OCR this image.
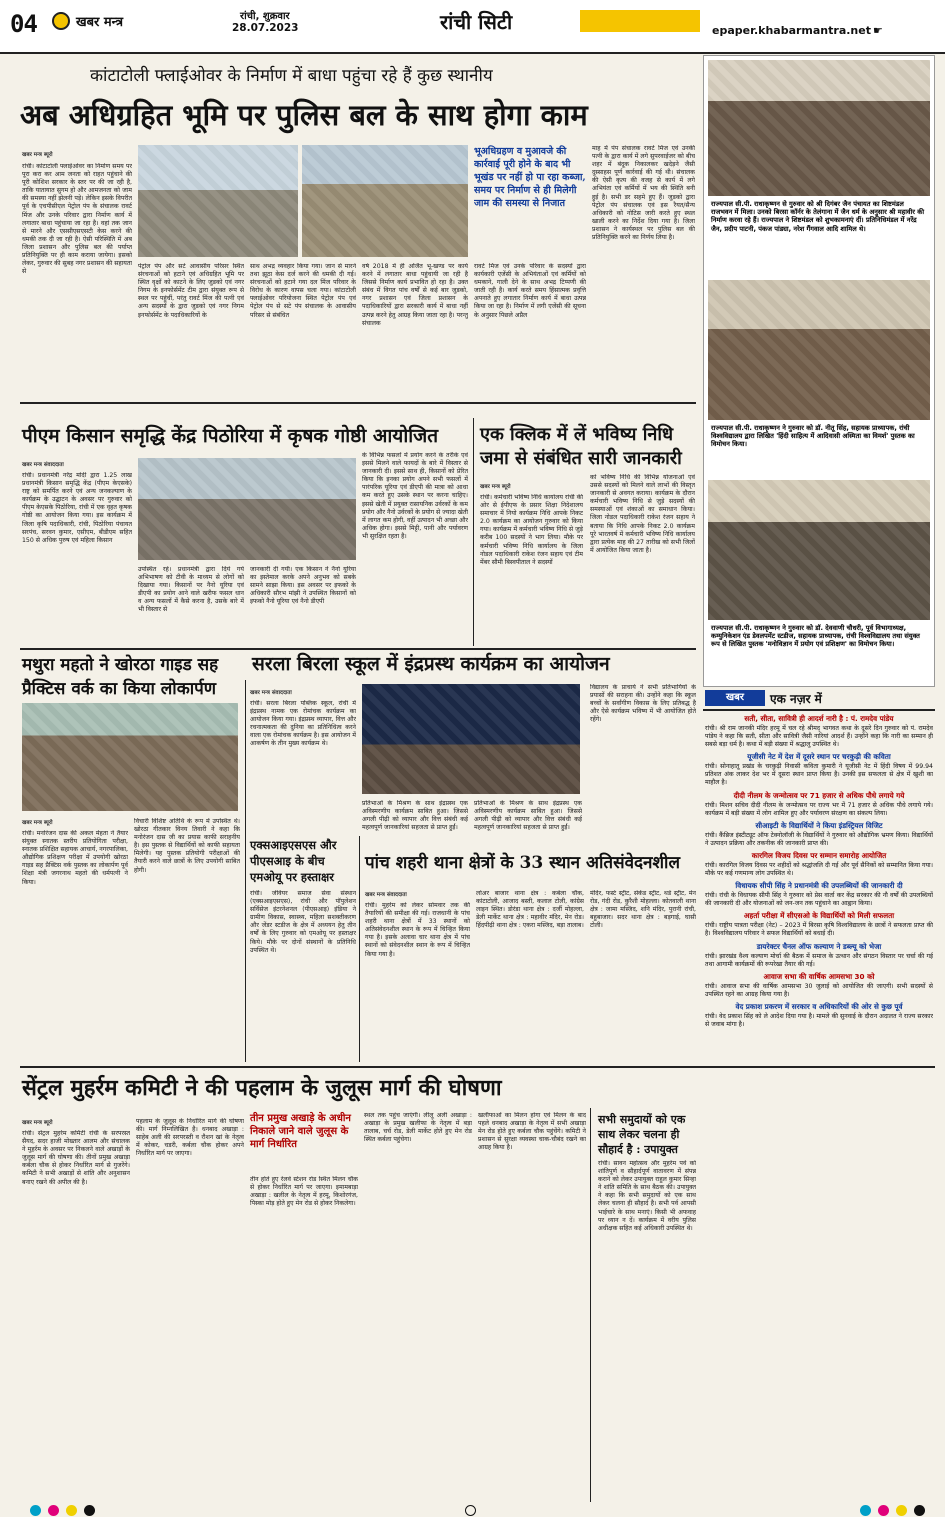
04	खबर मन्त्र	रांची, शुक्रवार
28.07.2023	रांची सिटी	epaper.khabarmantra.net ☛
कांटाटोली फ्लाईओवर के निर्माण में बाधा पहुंचा रहे हैं कुछ स्थानीय
अब अधिग्रहित भूमि पर पुलिस बल के साथ होगा काम
खबर मन्त्र ब्यूरो
रांची। कांटाटोली फ्लाईओवर का निर्माण समय पर पूरा करा कर आम जनता को राहत पहुंचाने की पूरी कोशिश सरकार के स्तर पर की जा रही है, ताकि यातायात सुगम हो और आमजनता को जाम की समस्या नहीं झेलनी पड़े। लेकिन इसके विपरीत पूर्व के एचपीसीएल पेट्रोल पंप के संचालक रावर्ट मिंज और उनके परिवार द्वारा निर्माण कार्य में लगातार बाधा पहुंचाया जा रहा है। वहां तक जान से मारने और एससीएसएसटी केस करने की धमकी तक दी जा रही है। ऐसी परिस्थिति में अब जिला प्रशासन और पुलिस बल की पर्याप्त प्रतिनियुक्ति पर ही काम कराया जायेगा। इसको लेकर, गुरुवार की सुबह नगर प्रशासन की सहायता से
पेट्रोल पंप और सटे आवासीय परिसर स्थित संरचनाओं को हटाने एवं अधिग्रहित भूमि पर स्थित वृक्षों को काटने के लिए जुडको एवं नगर निगम के इनफोर्समेंट टीम द्वारा संयुक्त रूप से स्थल पर पहुंचीं, परंतु रावर्ट मिंज की पत्नी एवं अन्य सदस्यों के द्वारा जुडको एवं नगर निगम इनफोर्समेंट के पदाधिकारियों के
साथ अभद्र व्यवहार किया गया। जान से मारने तथा झूठा केस दर्ज करने की धमकी दी गई। संरचनाओं को हटाने गया दल मिंज परिवार के विरोध के कारण वापस चला गया। कांटाटोली फ्लाईओवर परियोजना स्थित पेट्रोल पंप एवं पेट्रोल पंप से सटे पंप संचालक के आवासीय परिसर से संबंधित
वर्ष 2018 में ही अर्जित भू-खण्ड पर कार्य करने में लगातार बाधा पहुंचायी जा रही है जिससे निर्माण कार्य प्रभावित हो रहा है। उक्त संबंध में विगत पांच वर्षों से कई बार जुडको, नगर प्रशासन एवं जिला प्रशासन के पदाधिकारियों द्वारा सरकारी कार्य में बाधा नहीं उत्पन्न करने हेतु आग्रह किया जाता रहा है। परन्तु संचालक
भूअधिग्रहण व मुआवजे की कार्रवाई पूरी होने के बाद भी भूखंड पर नहीं हो पा रहा कब्जा, समय पर निर्माण से ही मिलेगी जाम की समस्या से निजात
रावर्ट मिंज एवं उनके परिवार के सदस्यों द्वारा कार्यकारी एजेंसी के अभियंताओं एवं कर्मियों को धमकाने, गाली देने के साथ अभद्र टिप्पणी की जाती रही है। कार्य करते समय हिंसात्मक प्रवृत्ति अपनाते हुए लगातार निर्माण कार्य में बाधा उत्पन्न किया जा रहा है। निर्माण में लगी एजेंसी की सूचना के अनुसार पिछले अप्रैल
माह में पंप संचालक रावर्ट मिंज एवं उनकी पत्नी के द्वारा कार्य में लगे सुपरवाईजर को बीच शहर में बंदूक निकालकर खदेड़ने जैसी दुस्साहस पूर्ण कार्रवाई की गई थी। संचालक की ऐसी कृत्य की वजह से कार्य में लगे अभियंता एवं कर्मियों में भय की स्थिति बनी हुई है। सभी डर सहमे हुए हैं। जुडको द्वारा पेट्रोल पंप संचालक एवं इस रैयत/सैन्य अधिकारी को नोटिस जारी करते हुए स्थल खाली करने का निर्देश दिया गया है। जिला प्रशासन ने कार्यस्थल पर पुलिस बल की प्रतिनियुक्ति करने का निर्णय लिया है।
राज्यपाल सी.पी. राधाकृष्णन से गुरुवार को श्री दिगंबर जैन पंचायत का शिष्टमंडल राजभवन में मिला। उनको बिरसा कॉर्नर के तेलंगाना में जैन धर्म के अनुसार श्री महावीर की निर्माण करवा रहे हैं। राज्यपाल ने शिष्टमंडल को शुभकामनाएं दीं। प्रतिनिधिमंडल में नरेंद्र जैन, प्रदीप पाटनी, पंकज पांड्या, नरेश गैंगवाल आदि शामिल थे।
राज्यपाल सी.पी. राधाकृष्णन ने गुरुवार को डॉ. नीतू सिंह, सहायक प्राध्यापक, रांची विश्वविद्यालय द्वारा लिखित 'हिंदी साहित्य में आदिवासी अस्मिता का विमर्श' पुस्तक का विमोचन किया।
राज्यपाल सी.पी. राधाकृष्णन ने गुरुवार को डॉ. देववाणी चौधरी, पूर्व विभागाध्यक्ष, कम्युनिकेशन एंड डेवलपमेंट स्टडीज, सहायक प्राध्यापक, रांची विश्वविद्यालय तथा संयुक्त रूप से लिखित पुस्तक 'मनोविज्ञान में प्रयोग एवं प्रशिक्षण' का विमोचन किया।
पीएम किसान समृद्धि केंद्र पिठोरिया में कृषक गोष्ठी आयोजित
खबर मन्त्र संवाददाता
रांची। प्रधानमंत्री नरेंद्र मोदी द्वारा 1.25 लाख प्रधानमंत्री किसान समृद्धि केंद्र (पीएम केएसके) राष्ट्र को समर्पित करने एवं अन्य जनकल्याण के कार्यक्रम के उद्घाटन के अवसर पर गुरुवार को पीएम केएसके पिठोरिया, रांची में एक वृहत कृषक गोष्ठी का आयोजन किया गया। इस कार्यक्रम में जिला कृषि पदाधिकारी, रांची, पिठोरिया पंचायत सरपंच, सरवन कुमार, एसीएम, बीडीएम सहित 150 से अधिक पुरुष एवं महिला किसान
उपस्थित रहे। प्रधानमंत्री द्वारा दिये गये अभिभाषण को टीवी के माध्यम से लोगों को दिखाया गया। किसानों पर नैनो यूरिया एवं डीएपी का प्रयोग आने वाले खरीफ फसल धान व अन्य फसलों में कैसे करना है, उसके बारे में भी विस्तार से
जानकारी दी गयी। एक किसान ने नैनो यूरिया का इस्तेमाल करके अपने अनुभव को सबके सामने साझा किया। इस अवसर पर इफको के अधिकारी सौरभ मांझी ने उपस्थित किसानों को इफको नैनो यूरिया एवं नैनो डीएपी
के विभिन्न फसलों में प्रयोग करने के तरीके एवं इससे मिलने वाले फायदों के बारे में विस्तार से जानकारी दी। इससे साथ ही, किसानों को प्रेरित किया कि इनका प्रयोग अपने सभी फसलों में पारंपरिक यूरिया एवं डीएपी की मात्रा को आधा कम करते हुए उसके स्थान पर करना चाहिए। इससे खेती में प्रयुक्त रासायनिक उर्वरकों के कम प्रयोग और नैनो उर्वरकों के प्रयोग से ज्यादा खेती में लागत कम होगी, वहीं उत्पादन भी अच्छा और अधिक होगा। इससे मिट्टी, पानी और पर्यावरण भी सुरक्षित रहता है।
एक क्लिक में लें भविष्य निधि
जमा से संबंधित सारी जानकारी
खबर मन्त्र ब्यूरो
रांची। कर्मचारी भविष्य निधि कार्यालय रांची की ओर से ईपीएफ के प्रसार शिक्षा निदेशालय समाचार में नियो कार्यक्रम निधि आपके निकट 2.0 कार्यक्रम का आयोजन गुरुवार को किया गया। कार्यक्रम में कर्मचारी भविष्य निधि से जुड़े करीब 100 सदस्यों ने भाग लिया। मौके पर कर्मचारी भविष्य निधि कार्यालय के जिला नोडल पदाधिकारी राकेश रंजन सहाय एवं टीम मेंबर सौमी बिस्वपीताल ने सदस्यों
को भविष्य निधि की विभिन्न योजनाओं एवं उससे सदस्यों को मिलने वाले लाभों की विस्तृत जानकारी से अवगत कराया। कार्यक्रम के दौरान कर्मचारी भविष्य निधि से जुड़े सदस्यों की समस्याओं एवं शंकाओं का समाधान किया। जिला नोडल पदाधिकारी राकेश रंजन सहाय ने बताया कि निधि आपके निकट 2.0 कार्यक्रम पूरे भारतवर्ष में कर्मचारी भविष्य निधि कार्यालय द्वारा प्रत्येक माह की 27 तारीख को सभी जिलों में आयोजित किया जाता है।
मथुरा महतो ने खोरठा गाइड सह
प्रैक्टिस वर्क का किया लोकार्पण
खबर मन्त्र ब्यूरो
रांची। मनोरंजन दास की अकल मेहता ने तैयार संयुक्त स्नातक स्तरीय प्रतियोगिता परीक्षा, स्नातक प्रशिक्षित सहायक आचार्य, नगरपालिका, औद्योगिक प्रशिक्षण परीक्षा में उपयोगी खोरठा गाइड सह प्रैक्टिस वर्क पुस्तक का लोकार्पण पूर्व शिक्षा मंत्री जगरनाथ महतो की धर्मपत्नी ने किया।
विचारी विशिष्ट अतिथि के रूप में उपस्थित थे। खोरठा गीतकार विनय तिवारी ने कहा कि मनोरंजन दास जी का प्रयास काफी सराहनीय है। इस पुस्तक से विद्यार्थियों को काफी सहायता मिलेगी। यह पुस्तक प्रतियोगी परीक्षाओं की तैयारी करने वाले छात्रों के लिए उपयोगी साबित होगी।
सरला बिरला स्कूल में इंद्रप्रस्थ कार्यक्रम का आयोजन
खबर मन्त्र संवाददाता
रांची। सरला बिरला पब्लिक स्कूल, रांची में इंद्रप्रस्थ नामक एक रोमांचक कार्यक्रम का आयोजन किया गया। इंद्रप्रस्थ व्यापार, वित्त और रचनात्मकता की दुनिया का प्रतिनिधित्व करने वाला एक रोमांचक कार्यक्रम है। इस आयोजन में आकर्षण के तीन मुख्य कार्यक्रम थे।
प्रतिभाओं के मिश्रण के साथ इंद्रप्रस्थ एक अविस्मरणीय कार्यक्रम साबित हुआ। जिससे अगली पीढ़ी को व्यापार और वित्त संबंधी कई महत्वपूर्ण जानकारियां सहजता से प्राप्त हुईं।
विद्यालय के प्राचार्य ने सभी प्रतिभागियों के प्रयासों की सराहना की। उन्होंने कहा कि स्कूल बच्चों के सर्वांगीण विकास के लिए प्रतिबद्ध है और ऐसे कार्यक्रम भविष्य में भी आयोजित होते रहेंगे।
प्रतिभाओं के मिश्रण के साथ इंद्रप्रस्थ एक अविस्मरणीय कार्यक्रम साबित हुआ। जिससे अगली पीढ़ी को व्यापार और वित्त संबंधी कई महत्वपूर्ण जानकारियां सहजता से प्राप्त हुईं।
एक्सआइएसएस और
पीएसआइ के बीच
एमओयू पर हस्ताक्षर
रांची। जेवियर समाज सेवा संस्थान (एक्सआइएसएस), रांची और पॉपुलेशन सर्विसेज इंटरनेशनल (पीएसआइ) इंडिया ने ग्रामीण विकास, स्वास्थ्य, महिला सशक्तीकरण और जेंडर स्टडीज के क्षेत्र में अध्ययन हेतु तीन वर्षों के लिए गुरुवार को एमओयू पर हस्ताक्षर किये। मौके पर दोनों संस्थानों के प्रतिनिधि उपस्थित थे।
पांच शहरी थाना क्षेत्रों के 33 स्थान अतिसंवेदनशील
खबर मन्त्र संवाददाता
रांची। मुहर्रम को लेकर सोमवार तक की तैयारियों की समीक्षा की गई। राजधानी के पांच शहरी थाना क्षेत्रों में 33 स्थानों को अतिसंवेदनशील स्थान के रूप में चिन्हित किया गया है। इसके अलावा चार थाना क्षेत्र में पांच स्थानों को संवेदनशील स्थान के रूप में चिन्हित किया गया है।
लोअर बाजार थाना क्षेत्र : कर्बला चौक, कांटाटोली, आजाद बस्ती, कलाल टोली, कांग्रेस लाइन स्थित। डोरंडा थाना क्षेत्र : दर्जी मोहल्ला, डेली मार्केट थाना क्षेत्र : महावीर मंदिर, मेन रोड। हिंदपीढ़ी थाना क्षेत्र : एकरा मस्जिद, बड़ा तालाब।
मंदिर, फर्स्ट स्ट्रीट, सेकेंड स्ट्रीट, थर्ड स्ट्रीट, मेन रोड, गंदी रोड, कुरैशी मोहल्ला। कोतवाली थाना क्षेत्र : जामा मस्जिद, शनि मंदिर, पुरानी रांची, बहुबाजार। सदर थाना क्षेत्र : बड़गाई, घासी टोली।
खबर	एक नज़र में
सती, सीता, सावित्री ही आदर्श नारी है : पं. रामदेव पांडेय
रांची। श्री राम जानकी मंदिर हरमू में चल रहे श्रीमद् भागवत कथा के दूसरे दिन गुरुवार को पं. रामदेव पांडेय ने कहा कि सती, सीता और सावित्री जैसी नारियां आदर्श हैं। उन्होंने कहा कि नारी का सम्मान ही सबसे बड़ा धर्म है। कथा में बड़ी संख्या में श्रद्धालु उपस्थित थे।
यूजीसी नेट में देश में दूसरे स्थान पर चरकुढ़ी की कविता
रांची। सोनाहातू प्रखंड के चरकुढ़ी निवासी कविता कुमारी ने यूजीसी नेट में हिंदी विषय में 99.94 प्रतिशत अंक लाकर देश भर में दूसरा स्थान प्राप्त किया है। उनकी इस सफलता से क्षेत्र में खुशी का माहौल है।
दीदी नीलम के जन्मोत्सव पर 71 हजार से अधिक पौधे लगाये गये
रांची। मिशन सचिव दीदी नीलम के जन्मोत्सव पर राज्य भर में 71 हजार से अधिक पौधे लगाये गये। कार्यक्रम में बड़ी संख्या में लोग शामिल हुए और पर्यावरण संरक्षण का संकल्प लिया।
सीआइटी के विद्यार्थियों ने किया इंडस्ट्रियल विजिट
रांची। कैंब्रिज इंस्टीट्यूट ऑफ टेक्नोलॉजी के विद्यार्थियों ने गुरुवार को औद्योगिक भ्रमण किया। विद्यार्थियों ने उत्पादन प्रक्रिया और तकनीक की जानकारी प्राप्त की।
कारगिल विजय दिवस पर सम्मान समारोह आयोजित
रांची। कारगिल विजय दिवस पर शहीदों को श्रद्धांजलि दी गई और पूर्व सैनिकों को सम्मानित किया गया। मौके पर कई गणमान्य लोग उपस्थित थे।
विधायक सीपी सिंह ने प्रधानमंत्री की उपलब्धियों की जानकारी दी
रांची। रांची के विधायक सीपी सिंह ने गुरुवार को प्रेस वार्ता कर केंद्र सरकार की नौ वर्षों की उपलब्धियों की जानकारी दी और योजनाओं को जन-जन तक पहुंचाने का आह्वान किया।
अहर्ता परीक्षा में सीएसओ के विद्यार्थियों को मिली सफलता
रांची। राष्ट्रीय पात्रता परीक्षा (नेट) – 2023 में बिरसा कृषि विश्वविद्यालय के छात्रों ने सफलता प्राप्त की है। विश्वविद्यालय परिवार ने सफल विद्यार्थियों को बधाई दी।
डायरेक्टर चैनल ऑफ कल्याण ने डब्ल्यू को भेजा
रांची। झारखंड वैश्य कल्याण मोर्चा की बैठक में समाज के उत्थान और संगठन विस्तार पर चर्चा की गई तथा आगामी कार्यक्रमों की रूपरेखा तैयार की गई।
आवाज सभा की वार्षिक आमसभा 30 को
रांची। आवाज सभा की वार्षिक आमसभा 30 जुलाई को आयोजित की जाएगी। सभी सदस्यों से उपस्थित रहने का आग्रह किया गया है।
वेद प्रकाश प्रकरण में सरकार व अधिकारियों की ओर से कुछ पूर्व
रांची। वेद प्रकाश सिंह को ले आदेश दिया गया है। मामले की सुनवाई के दौरान अदालत ने राज्य सरकार से जवाब मांगा है।
सेंट्रल मुहर्रम कमिटी ने की पहलाम के जुलूस मार्ग की घोषणा
खबर मन्त्र ब्यूरो
रांची। सेंट्रल मुहर्रम कमिटी रांची के सरपरस्त सैयद, सदर हाजी मोख्तार आलम और संचालक ने मुहर्रम के अवसर पर निकलने वाले अखाड़ों के जुलूस मार्ग की घोषणा की। तीनों प्रमुख अखाड़ा कर्बला चौक से होकर निर्धारित मार्ग से गुजरेंगे। कमिटी ने सभी अखाड़ों से शांति और अनुशासन बनाए रखने की अपील की है।
पहलाम के जुलूस के निर्धारित मार्ग की घोषणा की। मार्ग निम्नलिखित है। धनबाद अखाड़ा : साहेब अली की सरपरस्ती व रौशन खां के नेतृत्व में कोकर, चडरी, कर्बला चौक होकर अपने निर्धारित मार्ग पर जाएगा।
तीन प्रमुख अखाड़े के अधीन निकाले जाने वाले जुलूस के मार्ग निर्धारित
तीन होते हुए रेलवे स्टेशन रोड स्थित मिलन चौक से होकर निर्धारित मार्ग पर जाएगा। इमामबाड़ा अखाड़ा : खलील के नेतृत्व में हरमू, किशोरगंज, पिस्का मोड़ होते हुए मेन रोड से होकर निकलेगा।
स्थल तक पहुंच जाएंगी। लीलू अली अखाड़ा : अखाड़ा के प्रमुख खलीफा के नेतृत्व में बड़ा तालाब, चर्च रोड, डेली मार्केट होते हुए मेन रोड स्थित कर्बला पहुंचेगा।
खलीफाओं का मिलन होगा एवं मिलन के बाद पहले धनबाद अखाड़ा के नेतृत्व में सभी अखाड़ा मेन रोड होते हुए कर्बला चौक पहुंचेंगे। कमिटी ने प्रशासन से सुरक्षा व्यवस्था चाक-चौबंद रखने का आग्रह किया है।
सभी समुदायों को एक
साथ लेकर चलना ही
सौहार्द है : उपायुक्त
रांची। सावन महोत्सव और मुहर्रम पर्व को शांतिपूर्ण व सौहार्दपूर्ण वातावरण में संपन्न कराने को लेकर उपायुक्त राहुल कुमार सिन्हा ने शांति समिति के साथ बैठक की। उपायुक्त ने कहा कि सभी समुदायों को एक साथ लेकर चलना ही सौहार्द है। सभी पर्व आपसी भाईचारे के साथ मनाएं। किसी भी अफवाह पर ध्यान न दें। कार्यक्रम में वरीय पुलिस अधीक्षक सहित कई अधिकारी उपस्थित थे।
